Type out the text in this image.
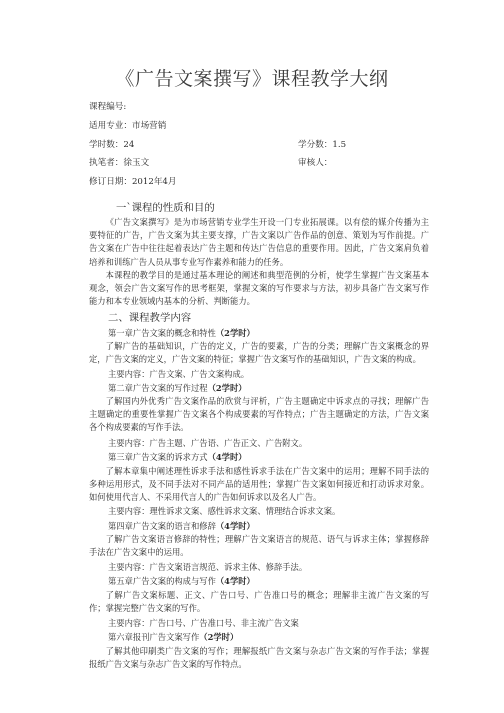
《广告文案撰写》课程教学大纲
课程编号:
适用专业：市场营销
学时数：24	学分数：1.5
执笔者：徐玉文	审核人：
修订日期：2012年4月
一`课程的性质和目的

《广告文案撰写》是为市场营销专业学生开设一门专业拓展课。以有偿的媒介传播为主 要特征的广告，广告文案为其主要支撑，广告文案以广告作品的创意、策划为写作前提。广 告文案在广告中往往起着表达广告主题和传达广告信息的重要作用。因此，广告文案肩负着 培养和训练广告人员从事专业写作素养和能力的任务。

本课程的教学目的是通过基本理论的阐述和典型范例的分析，使学生掌握广告文案基本 观念，领会广告文案写作的思考框架，掌握文案的写作要求与方法，初步具备广告文案写作 能力和本专业领域内基本的分析、判断能力。

二、课程教学内容
第一章广告文案的概念和特性（2学时）

了解广告的基础知识，广告的定义，广告的要素，广告的分类；理解广告文案概念的界 定，广告文案的定义，广告文案的特征；掌握广告文案写作的基础知识，广告文案的构成。

主要内容：广告文案、广告文案构成。
第二章广告文案的写作过程（2学时）

了解国内外优秀广告文案作品的欣赏与评析，广告主题确定中诉求点的寻找；理解广告 主题确定的重要性掌握广告文案各个构成要素的写作特点；广告主题确定的方法，广告文案 各个构成要素的写作手法。

主要内容：广告主题、广告语、广告正文、广告附文。
第三章广告文案的诉求方式（4学时）

了解本章集中阐述理性诉求手法和感性诉求手法在广告文案中的运用；理解不同手法的 多种运用形式，及不同手法对不同产品的适用性；掌握广告文案如何接近和打动诉求对象。 如何使用代言人、不采用代言人的广告如何诉求以及名人广告。

主要内容：理性诉求文案、感性诉求文案、情理结合诉求文案。
第四章广告文案的语言和修辞（4学时）

了解广告文案语言修辞的特性；理解广告文案语言的规范、语气与诉求主体；掌握修辞 手法在广告文案中的运用。

主要内容：广告文案语言规范、诉求主体、修辞手法。
第五章广告文案的构成与写作（4学时）

了解广告文案标题、正文、广告口号、广告准口号的概念；理解非主流广告文案的写作；掌握完整广告文案的写作。

主要内容：广告口号、广告准口号、非主流广告文案
第六章报刊广告文案写作（2学时）

了解其他印刷类广告文案的写作；理解报纸广告文案与杂志广告文案的写作手法；掌握 报纸广告文案与杂志广告文案的写作特点。
